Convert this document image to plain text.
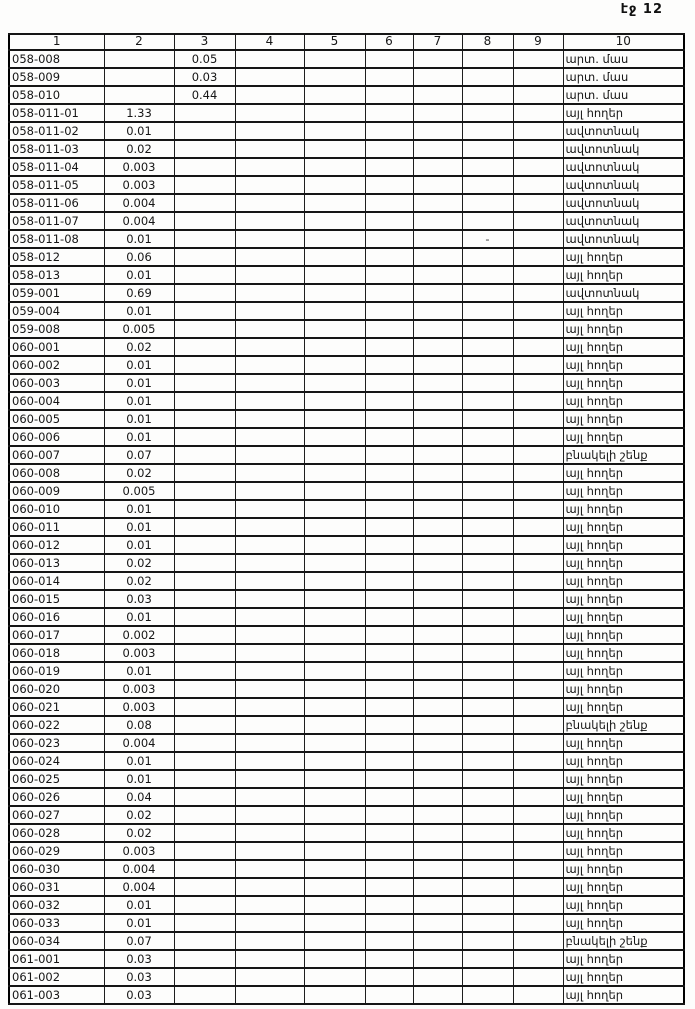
էջ 12
1	2	3	4	5	6	7	8	9	10
058-008		0.05							արտ. մաս
058-009		0.03							արտ. մաս
058-010		0.44							արտ. մաս
058-011-01	1.33								այլ հողեր
058-011-02	0.01								ավտոտնակ
058-011-03	0.02								ավտոտնակ
058-011-04	0.003								ավտոտնակ
058-011-05	0.003								ավտոտնակ
058-011-06	0.004								ավտոտնակ
058-011-07	0.004								ավտոտնակ
058-011-08	0.01						-		ավտոտնակ
058-012	0.06								այլ հողեր
058-013	0.01								այլ հողեր
059-001	0.69								ավտոտնակ
059-004	0.01								այլ հողեր
059-008	0.005								այլ հողեր
060-001	0.02								այլ հողեր
060-002	0.01								այլ հողեր
060-003	0.01								այլ հողեր
060-004	0.01								այլ հողեր
060-005	0.01								այլ հողեր
060-006	0.01								այլ հողեր
060-007	0.07								բնակելի շենք
060-008	0.02								այլ հողեր
060-009	0.005								այլ հողեր
060-010	0.01								այլ հողեր
060-011	0.01								այլ հողեր
060-012	0.01								այլ հողեր
060-013	0.02								այլ հողեր
060-014	0.02								այլ հողեր
060-015	0.03								այլ հողեր
060-016	0.01								այլ հողեր
060-017	0.002								այլ հողեր
060-018	0.003								այլ հողեր
060-019	0.01								այլ հողեր
060-020	0.003								այլ հողեր
060-021	0.003								այլ հողեր
060-022	0.08								բնակելի շենք
060-023	0.004								այլ հողեր
060-024	0.01								այլ հողեր
060-025	0.01								այլ հողեր
060-026	0.04								այլ հողեր
060-027	0.02								այլ հողեր
060-028	0.02								այլ հողեր
060-029	0.003								այլ հողեր
060-030	0.004								այլ հողեր
060-031	0.004								այլ հողեր
060-032	0.01								այլ հողեր
060-033	0.01								այլ հողեր
060-034	0.07								բնակելի շենք
061-001	0.03								այլ հողեր
061-002	0.03								այլ հողեր
061-003	0.03								այլ հողեր
